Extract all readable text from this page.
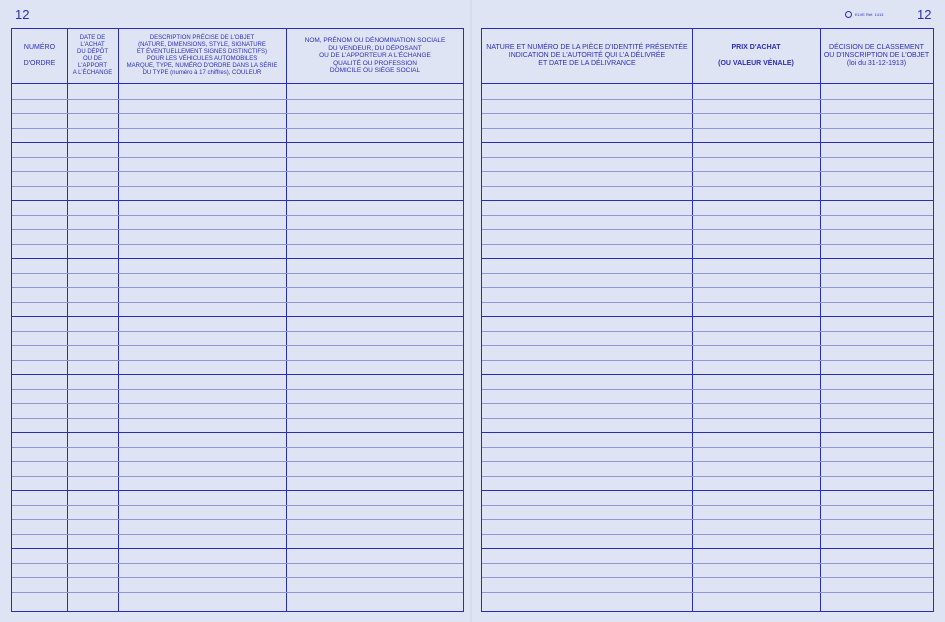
12	12
ELVE Réf. 1413
NUMÉRO

D'ORDRE
DATE DE
L'ACHAT
DU DÉPÔT
OU DE
L'APPORT
A L'ÉCHANGE
DESCRIPTION PRÉCISE DE L'OBJET
(NATURE, DIMENSIONS, STYLE, SIGNATURE
ET ÉVENTUELLEMENT SIGNES DISTINCTIFS)
POUR LES VÉHICULES AUTOMOBILES
MARQUE, TYPE, NUMÉRO D'ORDRE DANS LA SÉRIE
DU TYPE (numéro à 17 chiffres), COULEUR
NOM, PRÉNOM OU DÉNOMINATION SOCIALE
DU VENDEUR, DU DÉPOSANT
OU DE L'APPORTEUR A L'ÉCHANGE
QUALITÉ OU PROFESSION
DOMICILE OU SIÈGE SOCIAL
NATURE ET NUMÉRO DE LA PIÈCE D'IDENTITÉ PRÉSENTÉE
INDICATION DE L'AUTORITÉ QUI L'A DÉLIVRÉE
ET DATE DE LA DÉLIVRANCE
PRIX D'ACHAT

(OU VALEUR VÉNALE)
DÉCISION DE CLASSEMENT
OU D'INSCRIPTION DE L'OBJET
(loi du 31-12-1913)
